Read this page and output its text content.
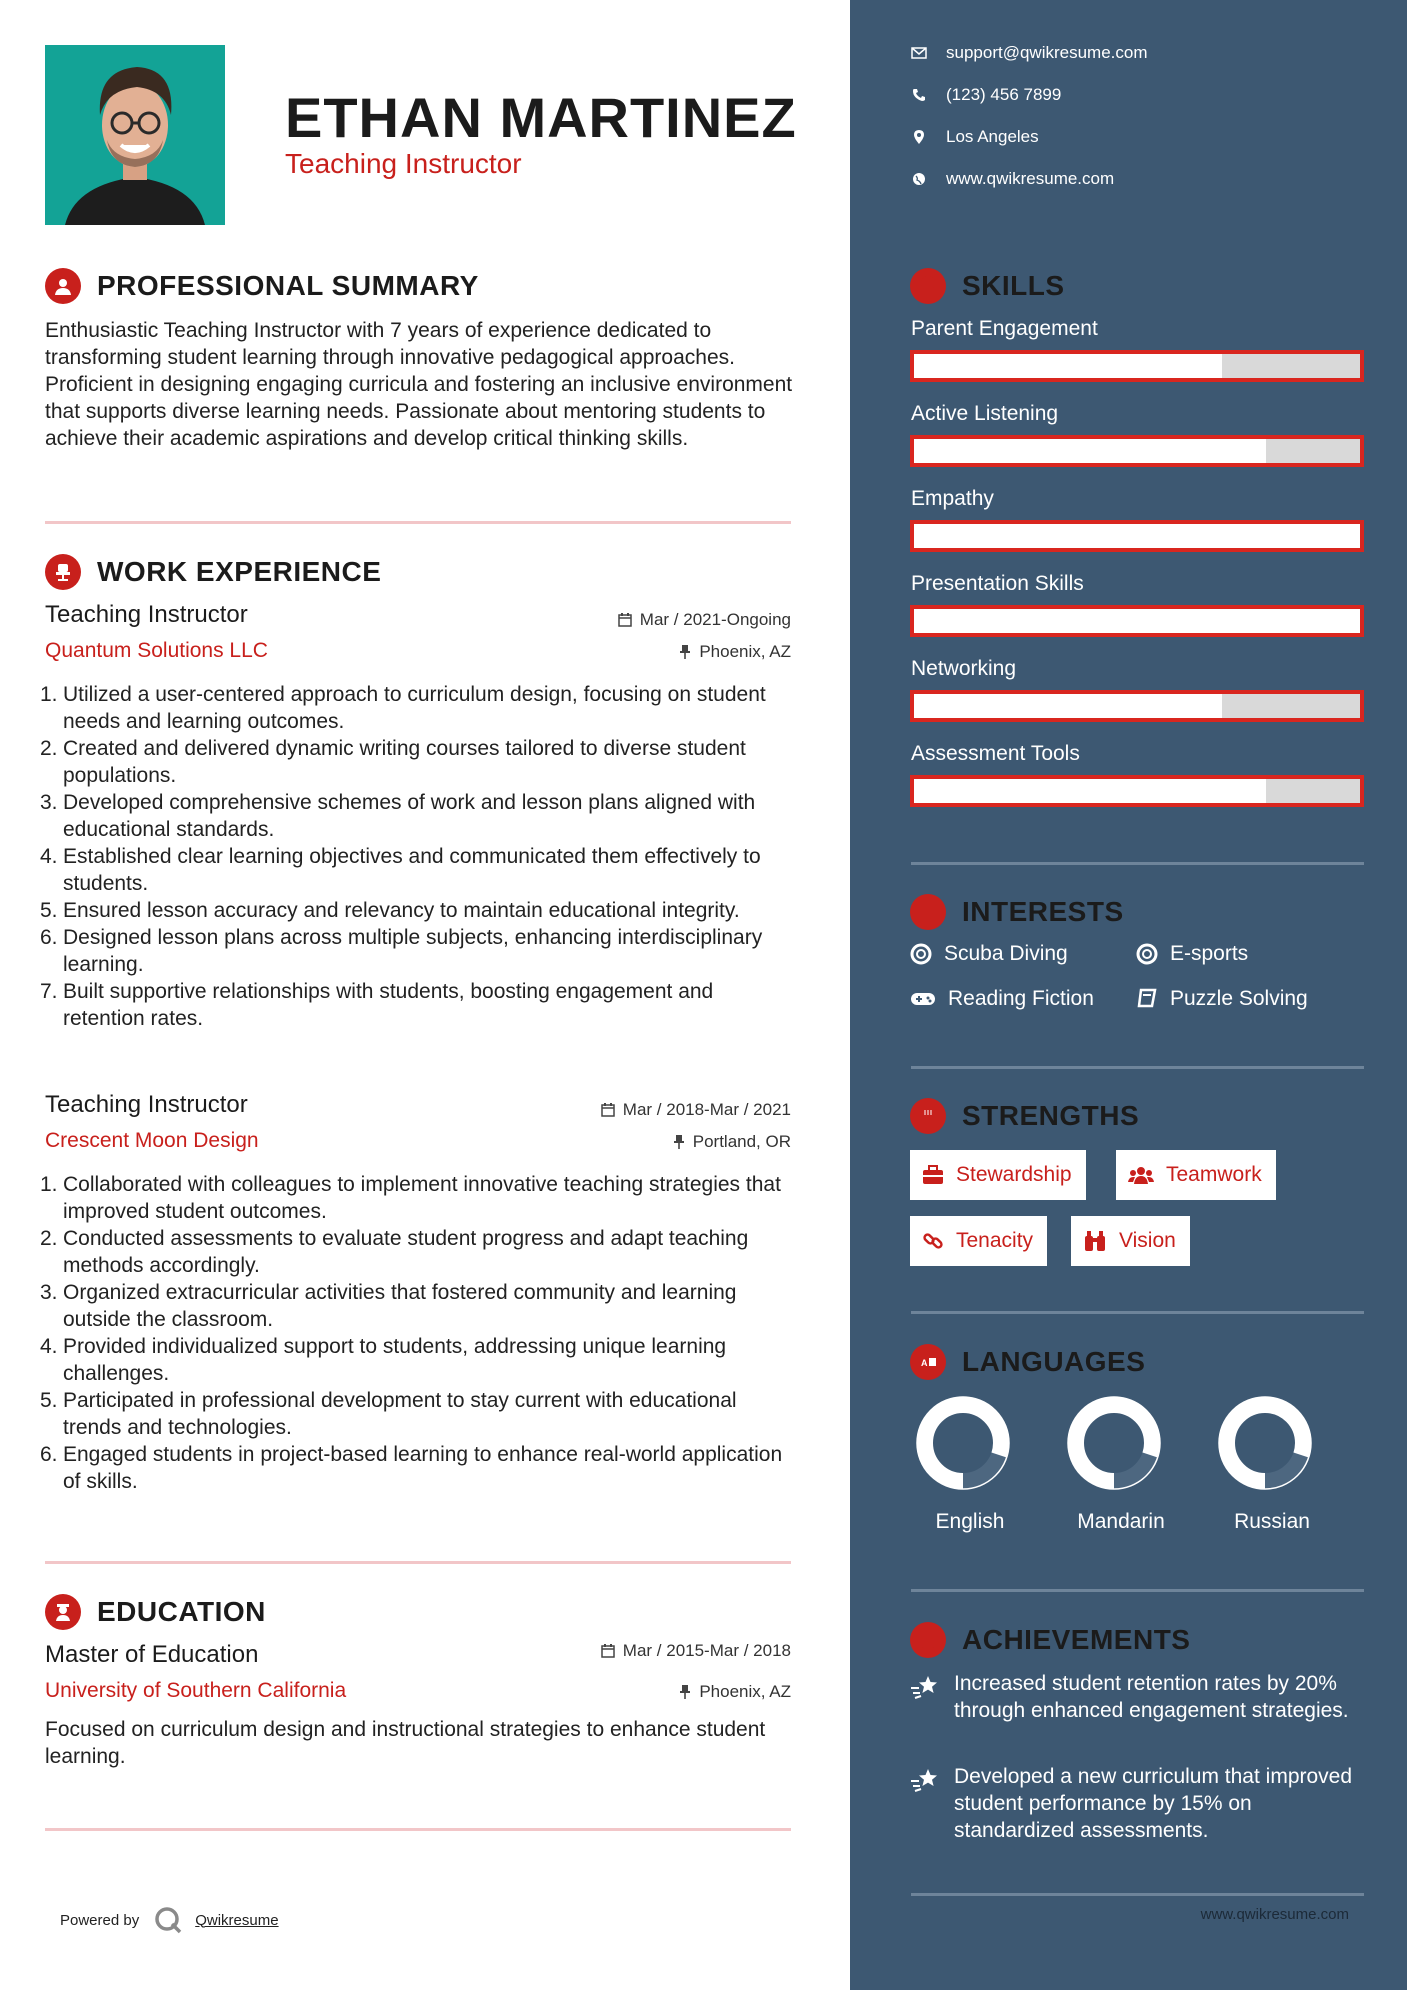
ETHAN MARTINEZ
Teaching Instructor
PROFESSIONAL SUMMARY
Enthusiastic Teaching Instructor with 7 years of experience dedicated to transforming student learning through innovative pedagogical approaches. Proficient in designing engaging curricula and fostering an inclusive environment that supports diverse learning needs. Passionate about mentoring students to achieve their academic aspirations and develop critical thinking skills.
WORK EXPERIENCE
Teaching Instructor
Quantum Solutions LLC
Mar / 2021-Ongoing
Phoenix, AZ
1. Utilized a user-centered approach to curriculum design, focusing on student needs and learning outcomes.
2. Created and delivered dynamic writing courses tailored to diverse student populations.
3. Developed comprehensive schemes of work and lesson plans aligned with educational standards.
4. Established clear learning objectives and communicated them effectively to students.
5. Ensured lesson accuracy and relevancy to maintain educational integrity.
6. Designed lesson plans across multiple subjects, enhancing interdisciplinary learning.
7. Built supportive relationships with students, boosting engagement and retention rates.
Teaching Instructor
Crescent Moon Design
Mar / 2018-Mar / 2021
Portland, OR
1. Collaborated with colleagues to implement innovative teaching strategies that improved student outcomes.
2. Conducted assessments to evaluate student progress and adapt teaching methods accordingly.
3. Organized extracurricular activities that fostered community and learning outside the classroom.
4. Provided individualized support to students, addressing unique learning challenges.
5. Participated in professional development to stay current with educational trends and technologies.
6. Engaged students in project-based learning to enhance real-world application of skills.
EDUCATION
Master of Education
University of Southern California
Mar / 2015-Mar / 2018
Phoenix, AZ
Focused on curriculum design and instructional strategies to enhance student learning.
Powered by	Qwikresume
support@qwikresume.com
(123) 456 7899
Los Angeles
www.qwikresume.com
SKILLS
Parent Engagement
Active Listening
Empathy
Presentation Skills
Networking
Assessment Tools
INTERESTS
Scuba Diving	E-sports
Reading Fiction	Puzzle Solving
STRENGTHS
Stewardship	Teamwork
Tenacity	Vision
A LANGUAGES
English	Mandarin	Russian
ACHIEVEMENTS
Increased student retention rates by 20% through enhanced engagement strategies.
Developed a new curriculum that improved student performance by 15% on standardized assessments.
www.qwikresume.com
